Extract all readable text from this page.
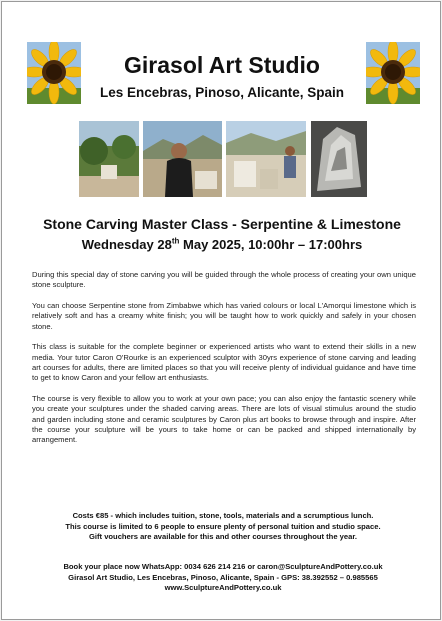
Girasol Art Studio
Les Encebras, Pinoso, Alicante, Spain
Stone Carving Master Class - Serpentine & Limestone
Wednesday 28th May 2025, 10:00hr – 17:00hrs

During this special day of stone carving you will be guided through the whole process of creating your own unique stone sculpture.

You can choose Serpentine stone from Zimbabwe which has varied colours or local L'Amorqui limestone which is relatively soft and has a creamy white finish; you will be taught how to work quickly and safely in your chosen stone.

This class is suitable for the complete beginner or experienced artists who want to extend their skills in a new media. Your tutor Caron O'Rourke is an experienced sculptor with 30yrs experience of stone carving and leading art courses for adults, there are limited places so that you will receive plenty of individual guidance and have time to get to know Caron and your fellow art enthusiasts.

The course is very flexible to allow you to work at your own pace; you can also enjoy the fantastic scenery while you create your sculptures under the shaded carving areas. There are lots of visual stimulus around the studio and garden including stone and ceramic sculptures by Caron plus art books to browse through and inspire. After the course your sculpture will be yours to take home or can be packed and shipped internationally by arrangement.

Costs €85 - which includes tuition, stone, tools, materials and a scrumptious lunch.
This course is limited to 6 people to ensure plenty of personal tuition and studio space.
Gift vouchers are available for this and other courses throughout the year.
Book your place now WhatsApp: 0034 626 214 216 or caron@SculptureAndPottery.co.uk
Girasol Art Studio, Les Encebras, Pinoso, Alicante, Spain - GPS: 38.392552 – 0.985565
www.SculptureAndPottery.co.uk
